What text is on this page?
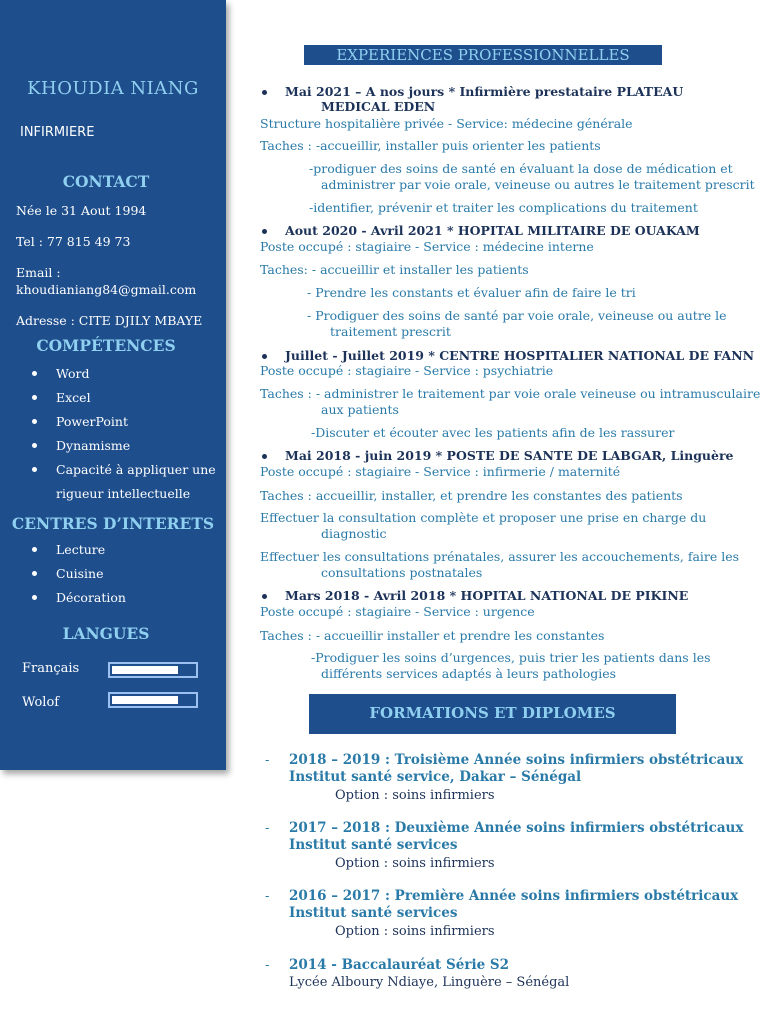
KHOUDIA NIANG
INFIRMIERE
CONTACT
Née le 31 Aout 1994
Tel : 77 815 49 73
Email :
khoudianiang84@gmail.com
Adresse : CITE DJILY MBAYE
COMPÉTENCES
Word
Excel
PowerPoint
Dynamisme
Capacité à appliquer une
rigueur intellectuelle
CENTRES D’INTERETS
Lecture
Cuisine
Décoration
LANGUES
Français
Wolof
EXPERIENCES PROFESSIONNELLES
Mai 2021 – A nos jours * Infirmière prestataire PLATEAU
MEDICAL EDEN
Structure hospitalière privée - Service: médecine générale
Taches : -accueillir, installer puis orienter les patients
-prodiguer des soins de santé en évaluant la dose de médication et
administrer par voie orale, veineuse ou autres le traitement prescrit
-identifier, prévenir et traiter les complications du traitement
Aout 2020 - Avril 2021 * HOPITAL MILITAIRE DE OUAKAM
Poste occupé : stagiaire - Service : médecine interne
Taches: - accueillir et installer les patients
- Prendre les constants et évaluer afin de faire le tri
- Prodiguer des soins de santé par voie orale, veineuse ou autre le
traitement prescrit
Juillet - Juillet 2019 * CENTRE HOSPITALIER NATIONAL DE FANN
Poste occupé : stagiaire - Service : psychiatrie
Taches : - administrer le traitement par voie orale veineuse ou intramusculaire
aux patients
-Discuter et écouter avec les patients afin de les rassurer
Mai 2018 - juin 2019 * POSTE DE SANTE DE LABGAR, Linguère
Poste occupé : stagiaire - Service : infirmerie / maternité
Taches : accueillir, installer, et prendre les constantes des patients
Effectuer la consultation complète et proposer une prise en charge du
diagnostic
Effectuer les consultations prénatales, assurer les accouchements, faire les
consultations postnatales
Mars 2018 - Avril 2018 * HOPITAL NATIONAL DE PIKINE
Poste occupé : stagiaire - Service : urgence
Taches : - accueillir installer et prendre les constantes
-Prodiguer les soins d’urgences, puis trier les patients dans les
différents services adaptés à leurs pathologies
FORMATIONS ET DIPLOMES
- 2018 – 2019 : Troisième Année soins infirmiers obstétricaux
Institut santé service, Dakar – Sénégal
Option : soins infirmiers
- 2017 – 2018 : Deuxième Année soins infirmiers obstétricaux
Institut santé services
Option : soins infirmiers
- 2016 – 2017 : Première Année soins infirmiers obstétricaux
Institut santé services
Option : soins infirmiers
- 2014 - Baccalauréat Série S2
Lycée Alboury Ndiaye, Linguère – Sénégal
